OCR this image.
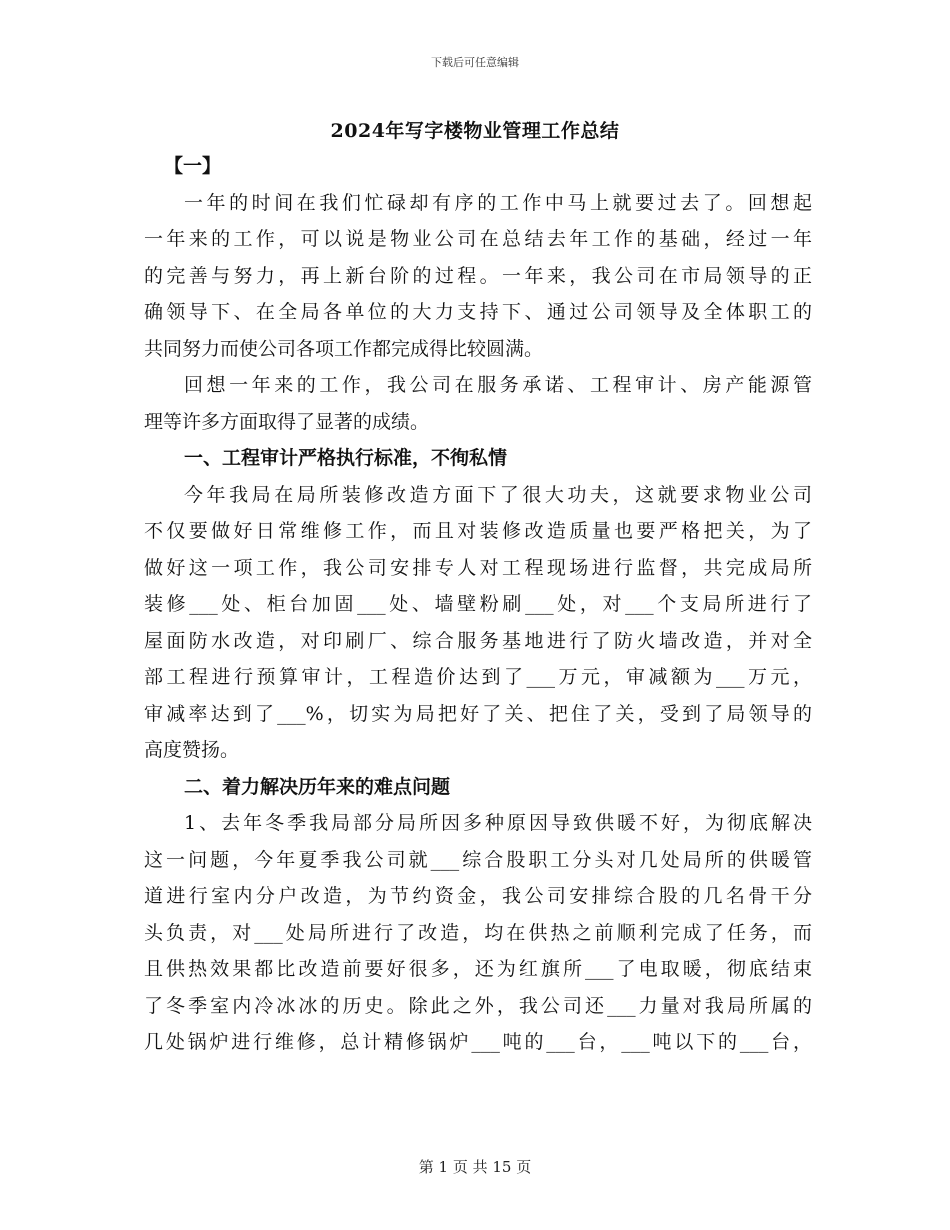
下载后可任意编辑
2024年写字楼物业管理工作总结
【一】
一年的时间在我们忙碌却有序的工作中马上就要过去了。回想起
一年来的工作，可以说是物业公司在总结去年工作的基础，经过一年
的完善与努力，再上新台阶的过程。一年来，我公司在市局领导的正
确领导下、在全局各单位的大力支持下、通过公司领导及全体职工的
共同努力而使公司各项工作都完成得比较圆满。
回想一年来的工作，我公司在服务承诺、工程审计、房产能源管
理等许多方面取得了显著的成绩。
一、工程审计严格执行标准，不徇私情
今年我局在局所装修改造方面下了很大功夫，这就要求物业公司
不仅要做好日常维修工作，而且对装修改造质量也要严格把关，为了
做好这一项工作，我公司安排专人对工程现场进行监督，共完成局所
装修___处、柜台加固___处、墙壁粉刷___处，对___个支局所进行了
屋面防水改造，对印刷厂、综合服务基地进行了防火墙改造，并对全
部工程进行预算审计，工程造价达到了___万元，审减额为___万元，
审减率达到了___%，切实为局把好了关、把住了关，受到了局领导的
高度赞扬。
二、着力解决历年来的难点问题
1、去年冬季我局部分局所因多种原因导致供暖不好，为彻底解决
这一问题，今年夏季我公司就___综合股职工分头对几处局所的供暖管
道进行室内分户改造，为节约资金，我公司安排综合股的几名骨干分
头负责，对___处局所进行了改造，均在供热之前顺利完成了任务，而
且供热效果都比改造前要好很多，还为红旗所___了电取暖，彻底结束
了冬季室内冷冰冰的历史。除此之外，我公司还___力量对我局所属的
几处锅炉进行维修，总计精修锅炉___吨的___台，___吨以下的___台，
第 1 页 共 15 页
